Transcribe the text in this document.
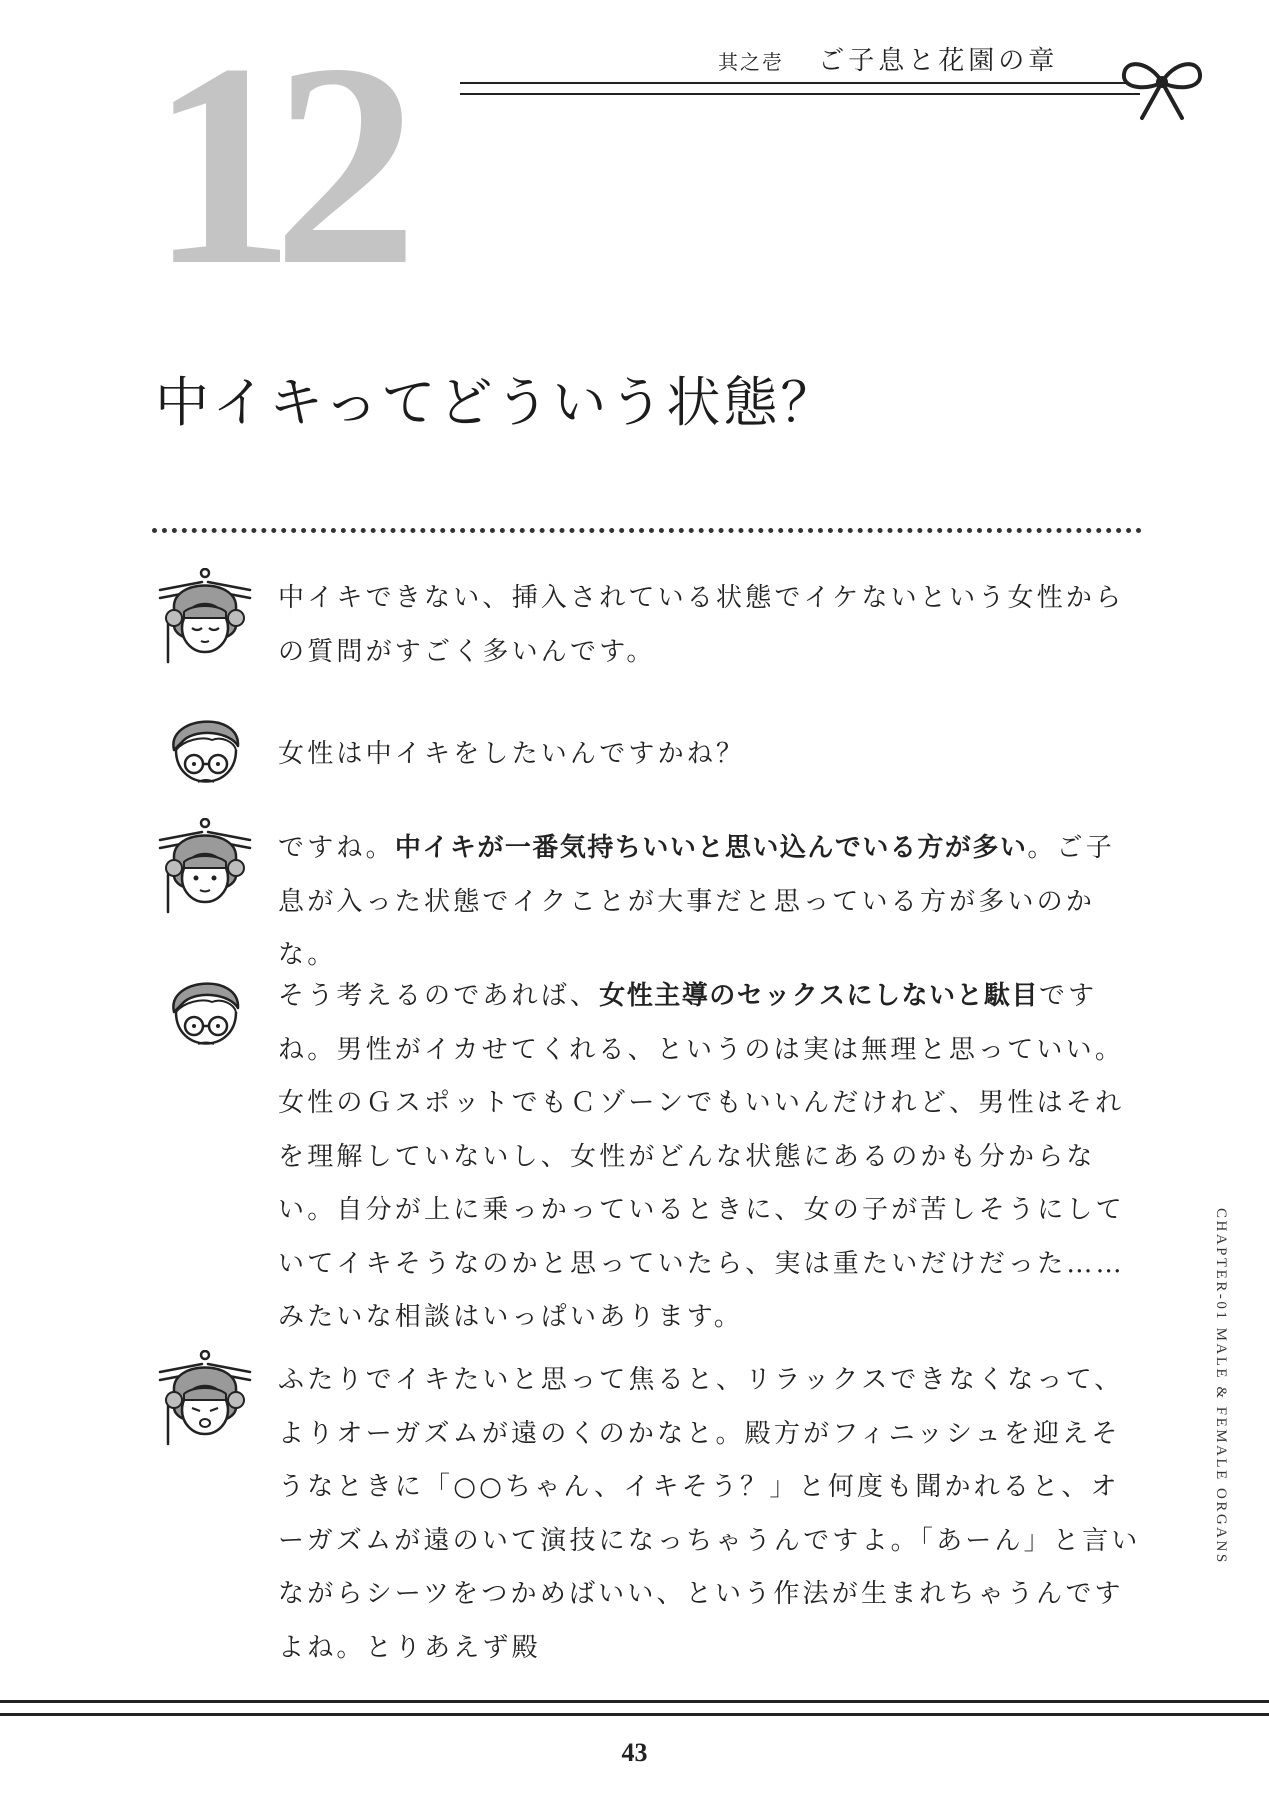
12	其之壱 ご子息と花園の章
中イキってどういう状態？

中イキできない、挿入されている状態でイケないという女性からの質問がすごく多いんです。

女性は中イキをしたいんですかね？

ですね。中イキが一番気持ちいいと思い込んでいる方が多い。ご子息が入った状態でイクことが大事だと思っている方が多いのかな。

そう考えるのであれば、女性主導のセックスにしないと駄目ですね。男性がイカせてくれる、というのは実は無理と思っていい。女性のＧスポットでもＣゾーンでもいいんだけれど、男性はそれを理解していないし、女性がどんな状態にあるのかも分からない。自分が上に乗っかっているときに、女の子が苦しそうにしていてイキそうなのかと思っていたら、実は重たいだけだった……みたいな相談はいっぱいあります。

ふたりでイキたいと思って焦ると、リラックスできなくなって、よりオーガズムが遠のくのかなと。殿方がフィニッシュを迎えそうなときに「○○ちゃん、イキそう？」と何度も聞かれると、オーガズムが遠のいて演技になっちゃうんですよ。「あーん」と言いながらシーツをつかめばいい、という作法が生まれちゃうんですよね。とりあえず殿

CHAPTER-01 MALE & FEMALE ORGANS
43
